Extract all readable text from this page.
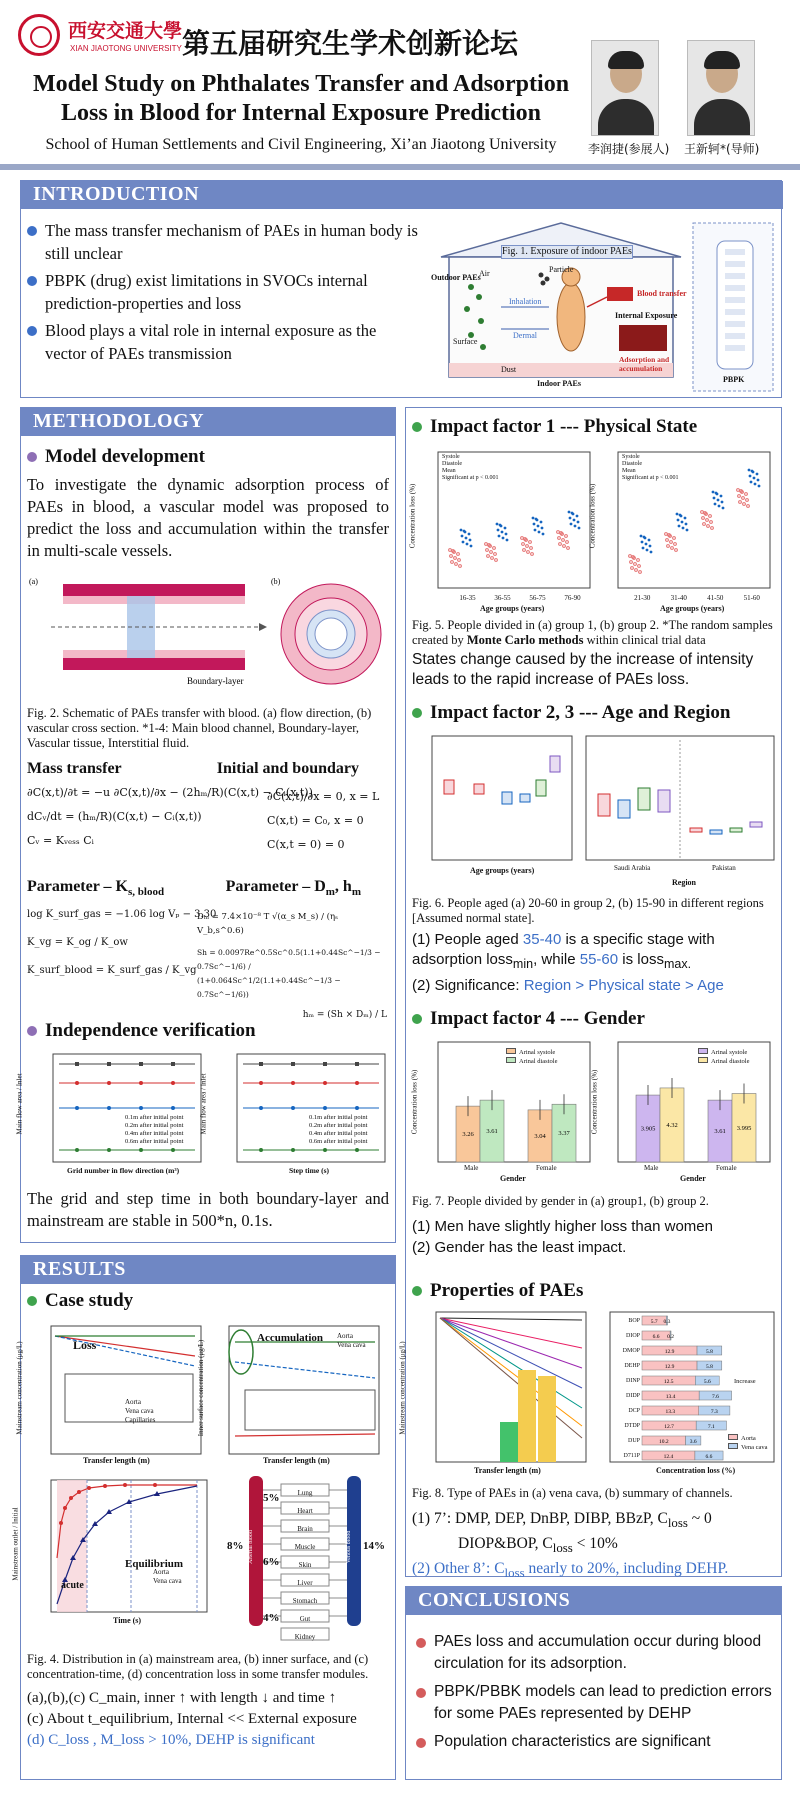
西安交通大學
XIAN JIAOTONG UNIVERSITY 第五届研究生学术创新论坛
Model Study on Phthalates Transfer and Adsorption
Loss in Blood for Internal Exposure Prediction
School of Human Settlements and Civil Engineering, Xi’an Jiaotong University	李润捷(参展人) 王新轲*(导师)
INTRODUCTION
The mass transfer mechanism of PAEs in human body is still unclear
PBPK (drug) exist limitations in SVOCs internal prediction-properties and loss
Blood plays a vital role in internal exposure as the vector of PAEs transmission
Fig. 1. Exposure of indoor PAEs
Outdoor PAEs
Air	Particle
Inhalation
Dermal
Surface
Dust
Indoor PAEs
Blood transfer
Internal Exposure
Adsorption and accumulation
PBPK
METHODOLOGY
Model development
To investigate the dynamic adsorption process of PAEs in blood, a vascular model was proposed to predict the loss and accumulation within the transfer in multi-scale vessels.
(a)	(b)
Boundary-layer
Fig. 2. Schematic of PAEs transfer with blood. (a) flow direction, (b) vascular cross section. *1-4: Main blood channel, Boundary-layer, Vascular tissue, Interstitial fluid.
Mass transfer	Initial and boundary
∂C(x,t)/∂t = −u ∂C(x,t)/∂x − (2hₘ/R)(C(x,t) − Cᵢ(x,t))
dCᵥ/dt = (hₘ/R)(C(x,t) − Cᵢ(x,t))
Cᵥ = Kᵥₑₛₛ Cᵢ
∂C(x,t)/∂x = 0, x = L
C(x,t) = C₀, x = 0
C(x,t = 0) = 0
Parameter – $K_{s, blood}$	Parameter – $D_m$, $h_m$
log K_surf_gas = −1.06 log Vₚ − 3.30
K_vg = K_og / K_ow
K_surf_blood = K_surf_gas / K_vg
Dₘ = 7.4×10⁻⁸ T √(α_s M_s) / (ηₛ V_b,s^0.6)
Sh = 0.0097Re^0.5Sc^0.5(1.1+0.44Sc^−1/3 − 0.7Sc^−1/6) / (1+0.064Sc^1/2(1.1+0.44Sc^−1/3 − 0.7Sc^−1/6))
hₘ = (Sh × Dₘ) / L
Independence verification
0.1m after initial point
0.2m after initial point
0.4m after initial point
0.6m after initial point
0.1m after initial point
0.2m after initial point
0.4m after initial point
0.6m after initial point
Main flow area / Inlet	Main flow area / Inlet
Grid number in flow direction (m³)	Step time (s)
The grid and step time in both boundary-layer and mainstream are stable in 500*n, 0.1s.
RESULTS
Case study
Loss	Accumulation
Equilibrium
acute
Transfer length (m)	Transfer length (m)
Time (s)
Mainstream concentration (μg/L)	Inner surface concentration (μg/L)
Mainstream outlet / Initial
Aorta
Vena cava
Capillaries
Aorta
Vena cava
Aorta
Vena cava
Lung
Heart
Brain
Muscle
Skin
Liver
Stomach
Gut
Kidney
8%
5%
6%
4%
14%
Arterial blood	Venous blood
Fig. 4. Distribution in (a) mainstream area, (b) inner surface, and (c) concentration-time, (d) concentration loss in some transfer modules.
(a),(b),(c) C_main, inner ↑ with length ↓ and time ↑
(c) About t_equilibrium, Internal << External exposure
(d) C_loss , M_loss > 10%, DEHP is significant
Impact factor 1 --- Physical State
16-35	36-55	56-75	76-90	21-30	31-40	41-50	51-60
Age groups (years)	Age groups (years)
Concentration loss (%)	Concentration loss (%)
Systole
Diastole
Mean
Significant at p < 0.001
Systole
Diastole
Mean
Significant at p < 0.001
Fig. 5. People divided in (a) group 1, (b) group 2. *The random samples created by Monte Carlo methods within clinical trial data
States change caused by the increase of intensity leads to the rapid increase of PAEs loss.
Impact factor 2, 3 --- Age and Region
Age groups (years)
Region
Saudi Arabia	Pakistan
Fig. 6. People aged (a) 20-60 in group 2, (b) 15-90 in different regions [Assumed normal state].
(1) People aged 35-40 is a specific stage with adsorption loss$_{min}$, while 55-60 is loss$_{max.}$
(2) Significance: Region > Physical state > Age
Impact factor 4 --- Gender
3.26 3.61
3.04 3.37
3.905
4.32
3.61 3.995
Gender	Gender
Male	Female	Male	Female
Concentration loss (%)	Concentration loss (%)
Arinal systole
Arinal diastole
Arinal systole
Arinal diastole
Fig. 7. People divided by gender in (a) group1, (b) group 2.
(1) Men have slightly higher loss than women
(2) Gender has the least impact.
Properties of PAEs
5.7 0.3
6.6 0.2
12.9	5.8
12.9	5.8
12.5	5.6
13.4	7.6
13.3	7.3
12.7	7.1
10.2	3.6
12.4	6.6
BOP
DIOP
DMOP
DEHP
DINP
DIDP
DCP
DTDP
DUP
D711P
Increase
Aorta
Vena cava
Transfer length (m)	Concentration loss (%)
Mainstream concentration (μg/L)
Fig. 8. Type of PAEs in (a) vena cava, (b) summary of channels.
(1) 7’: DMP, DEP, DnBP, DIBP, BBzP, $C_{loss}$ ~ 0
DIOP&BOP, $C_{loss} < 10\%$
(2) Other 8’: $C_{loss}$ nearly to 20%, including DEHP.
CONCLUSIONS
PAEs loss and accumulation occur during blood circulation for its adsorption.
PBPK/PBBK models can lead to prediction errors for some PAEs represented by DEHP
Population characteristics are significant
